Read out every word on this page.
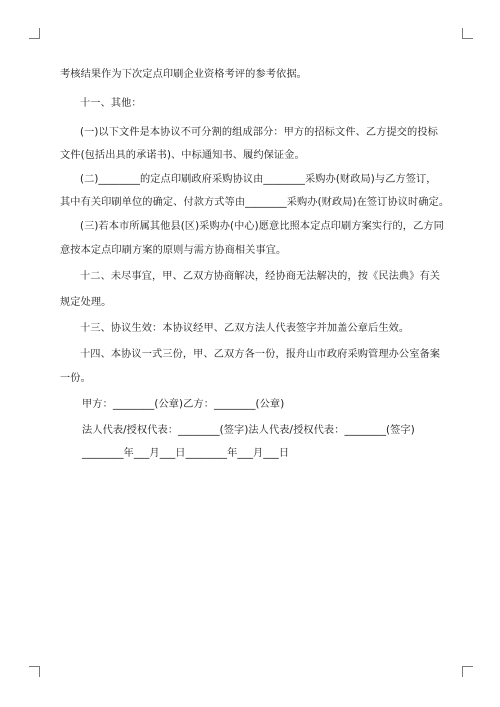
考核结果作为下次定点印刷企业资格考评的参考依据。
十一、其他：
(一)以下文件是本协议不可分割的组成部分：甲方的招标文件、乙方提交的投标
文件(包括出具的承诺书)、中标通知书、履约保证金。
(二)________的定点印刷政府采购协议由________采购办(财政局)与乙方签订，
其中有关印刷单位的确定、付款方式等由________采购办(财政局)在签订协议时确定。
(三)若本市所属其他县(区)采购办(中心)愿意比照本定点印刷方案实行的，乙方同
意按本定点印刷方案的原则与需方协商相关事宜。
十二、未尽事宜，甲、乙双方协商解决，经协商无法解决的，按《民法典》有关
规定处理。
十三、协议生效：本协议经甲、乙双方法人代表签字并加盖公章后生效。
十四、本协议一式三份，甲、乙双方各一份，报舟山市政府采购管理办公室备案
一份。
甲方：________(公章)乙方：________(公章)
法人代表/授权代表：________(签字)法人代表/授权代表：________(签字)
________年___月___日________年___月___日
